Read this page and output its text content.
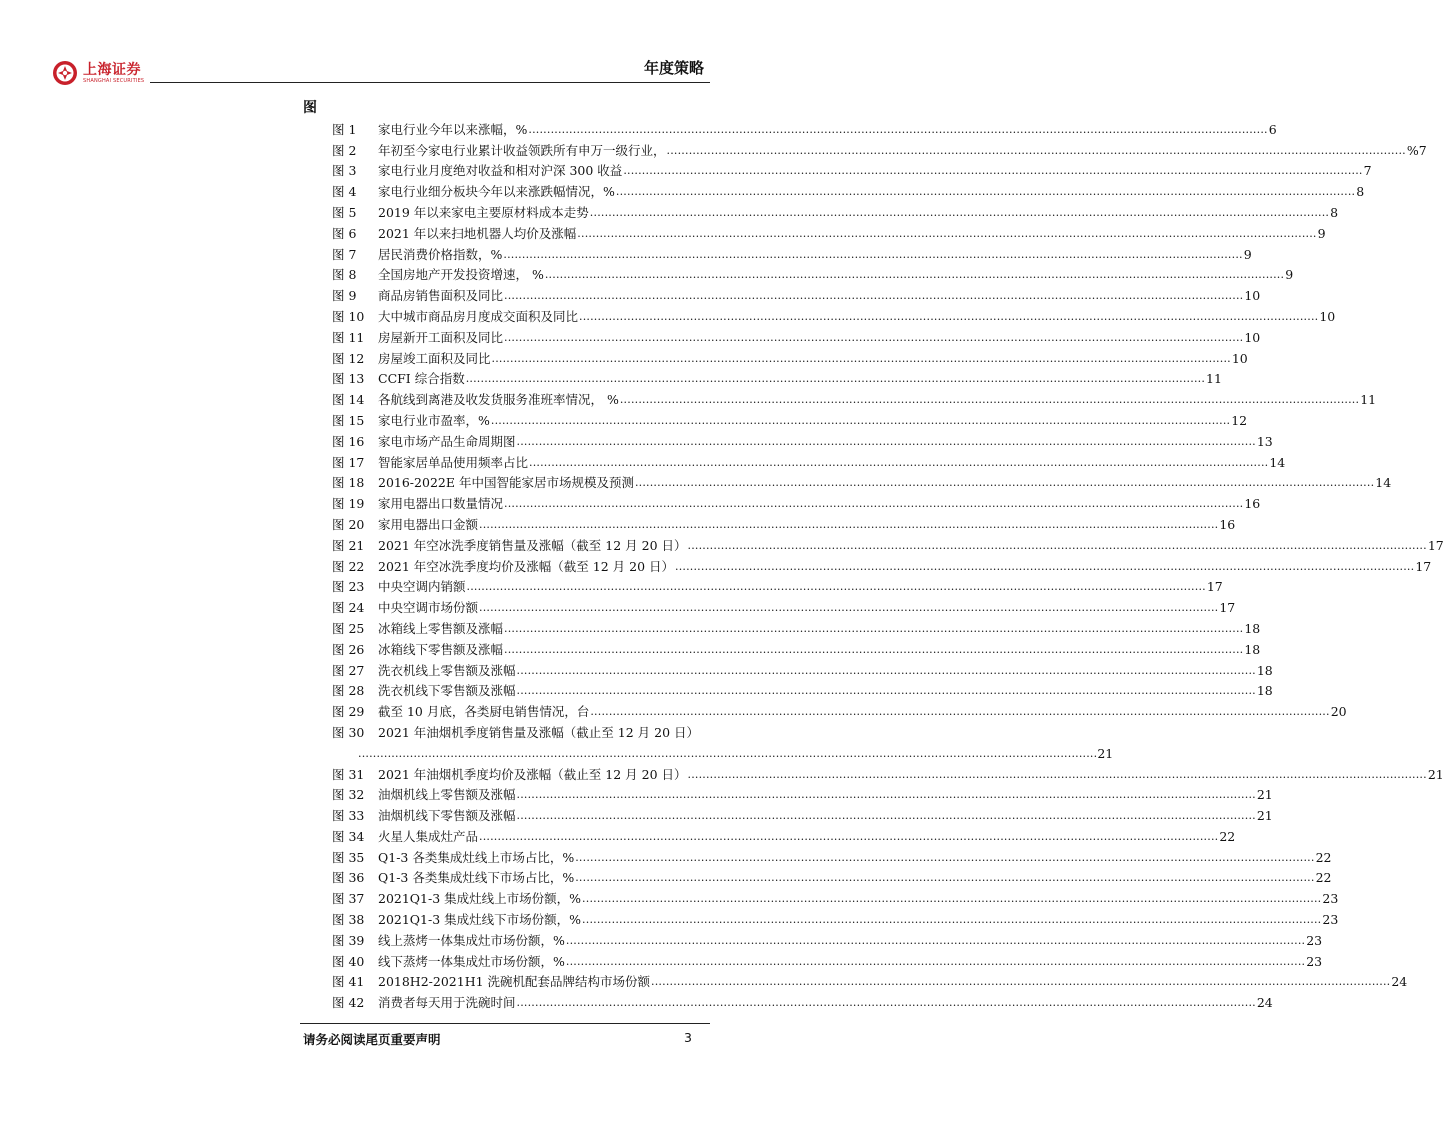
上海证券
SHANGHAI SECURITIES
年度策略
图
图 1	家电行业今年以来涨幅，% ........................................................................................................................................................................................................ 6
图 2	年初至今家电行业累计收益领跌所有申万一级行业， ........................................................................................................................................................................................................ %7
图 3	家电行业月度绝对收益和相对沪深 300 收益 ........................................................................................................................................................................................................ 7
图 4	家电行业细分板块今年以来涨跌幅情况，% ........................................................................................................................................................................................................ 8
图 5	2019 年以来家电主要原材料成本走势 ........................................................................................................................................................................................................ 8
图 6	2021 年以来扫地机器人均价及涨幅 ........................................................................................................................................................................................................ 9
图 7	居民消费价格指数，% ........................................................................................................................................................................................................ 9
图 8	全国房地产开发投资增速， % ........................................................................................................................................................................................................ 9
图 9	商品房销售面积及同比 ........................................................................................................................................................................................................ 10
图 10	大中城市商品房月度成交面积及同比 ........................................................................................................................................................................................................ 10
图 11	房屋新开工面积及同比 ........................................................................................................................................................................................................ 10
图 12	房屋竣工面积及同比 ........................................................................................................................................................................................................ 10
图 13	CCFI 综合指数 ........................................................................................................................................................................................................ 11
图 14	各航线到离港及收发货服务准班率情况， % ........................................................................................................................................................................................................ 11
图 15	家电行业市盈率，% ........................................................................................................................................................................................................ 12
图 16	家电市场产品生命周期图 ........................................................................................................................................................................................................ 13
图 17	智能家居单品使用频率占比 ........................................................................................................................................................................................................ 14
图 18	2016-2022E 年中国智能家居市场规模及预测 ........................................................................................................................................................................................................ 14
图 19	家用电器出口数量情况 ........................................................................................................................................................................................................ 16
图 20	家用电器出口金额 ........................................................................................................................................................................................................ 16
图 21	2021 年空冰洗季度销售量及涨幅（截至 12 月 20 日） ........................................................................................................................................................................................................ 17
图 22	2021 年空冰洗季度均价及涨幅（截至 12 月 20 日） ........................................................................................................................................................................................................ 17
图 23	中央空调内销额 ........................................................................................................................................................................................................ 17
图 24	中央空调市场份额 ........................................................................................................................................................................................................ 17
图 25	冰箱线上零售额及涨幅 ........................................................................................................................................................................................................ 18
图 26	冰箱线下零售额及涨幅 ........................................................................................................................................................................................................ 18
图 27	洗衣机线上零售额及涨幅 ........................................................................................................................................................................................................ 18
图 28	洗衣机线下零售额及涨幅 ........................................................................................................................................................................................................ 18
图 29	截至 10 月底，各类厨电销售情况，台 ........................................................................................................................................................................................................ 20
图 30	2021 年油烟机季度销售量及涨幅（截止至 12 月 20 日）
........................................................................................................................................................................................................ 21
图 31	2021 年油烟机季度均价及涨幅（截止至 12 月 20 日） ........................................................................................................................................................................................................ 21
图 32	油烟机线上零售额及涨幅 ........................................................................................................................................................................................................ 21
图 33	油烟机线下零售额及涨幅 ........................................................................................................................................................................................................ 21
图 34	火星人集成灶产品 ........................................................................................................................................................................................................ 22
图 35	Q1-3 各类集成灶线上市场占比，% ........................................................................................................................................................................................................ 22
图 36	Q1-3 各类集成灶线下市场占比，% ........................................................................................................................................................................................................ 22
图 37	2021Q1-3 集成灶线上市场份额，% ........................................................................................................................................................................................................ 23
图 38	2021Q1-3 集成灶线下市场份额，% ........................................................................................................................................................................................................ 23
图 39	线上蒸烤一体集成灶市场份额，% ........................................................................................................................................................................................................ 23
图 40	线下蒸烤一体集成灶市场份额，% ........................................................................................................................................................................................................ 23
图 41	2018H2-2021H1 洗碗机配套品牌结构市场份额 ........................................................................................................................................................................................................ 24
图 42	消费者每天用于洗碗时间 ........................................................................................................................................................................................................ 24
请务必阅读尾页重要声明	3
